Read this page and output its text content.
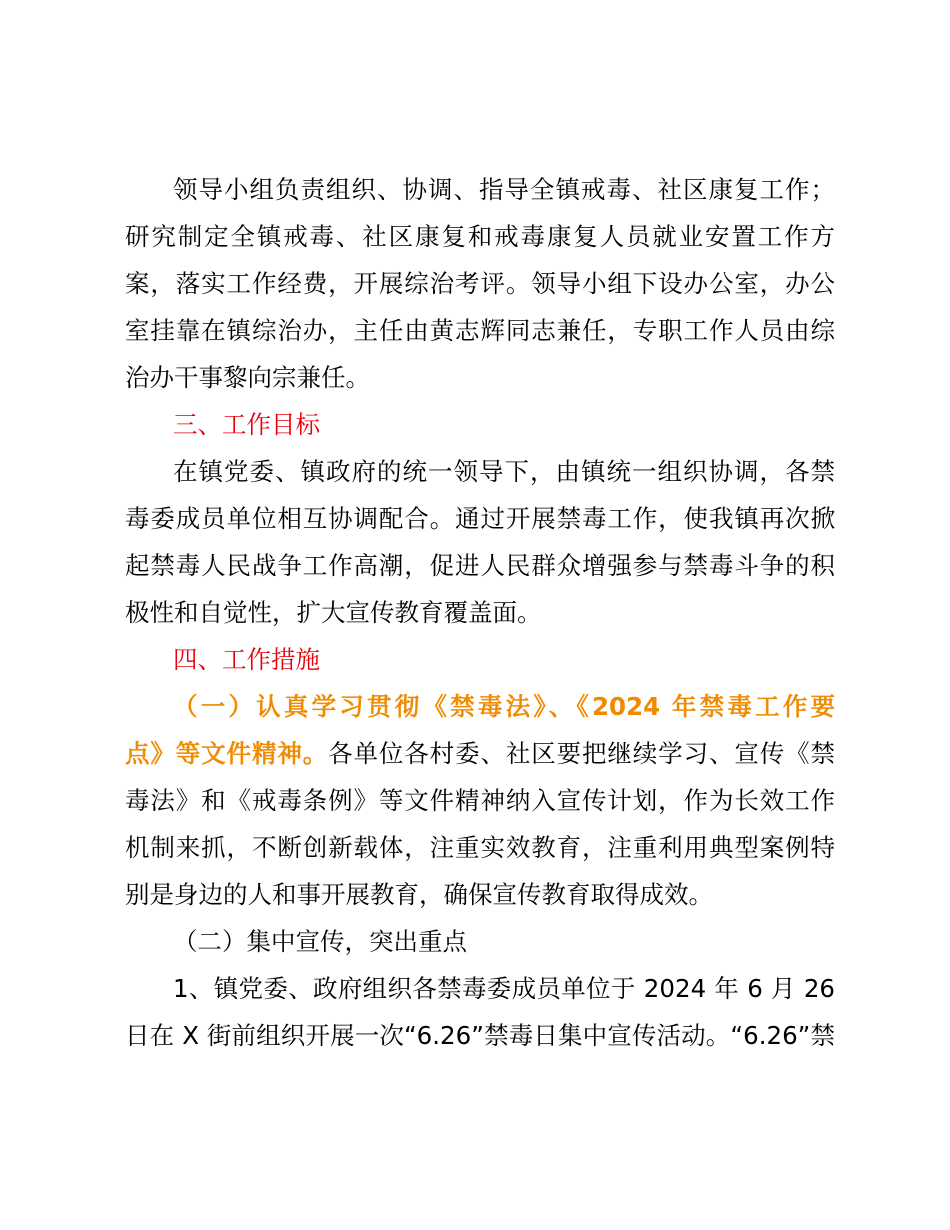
领导小组负责组织、协调、指导全镇戒毒、社区康复工作；
研究制定全镇戒毒、社区康复和戒毒康复人员就业安置工作方
案，落实工作经费，开展综治考评。领导小组下设办公室，办公
室挂靠在镇综治办，主任由黄志辉同志兼任，专职工作人员由综
治办干事黎向宗兼任。
三、工作目标
在镇党委、镇政府的统一领导下，由镇统一组织协调，各禁
毒委成员单位相互协调配合。通过开展禁毒工作，使我镇再次掀
起禁毒人民战争工作高潮，促进人民群众增强参与禁毒斗争的积
极性和自觉性，扩大宣传教育覆盖面。
四、工作措施
（一）认真学习贯彻《禁毒法》、《2024 年禁毒工作要
点》等文件精神。各单位各村委、社区要把继续学习、宣传《禁
毒法》和《戒毒条例》等文件精神纳入宣传计划，作为长效工作
机制来抓，不断创新载体，注重实效教育，注重利用典型案例特
别是身边的人和事开展教育，确保宣传教育取得成效。
（二）集中宣传，突出重点
1、镇党委、政府组织各禁毒委成员单位于 2024 年 6 月 26
日在 X 街前组织开展一次“6.26”禁毒日集中宣传活动。“6.26”禁
